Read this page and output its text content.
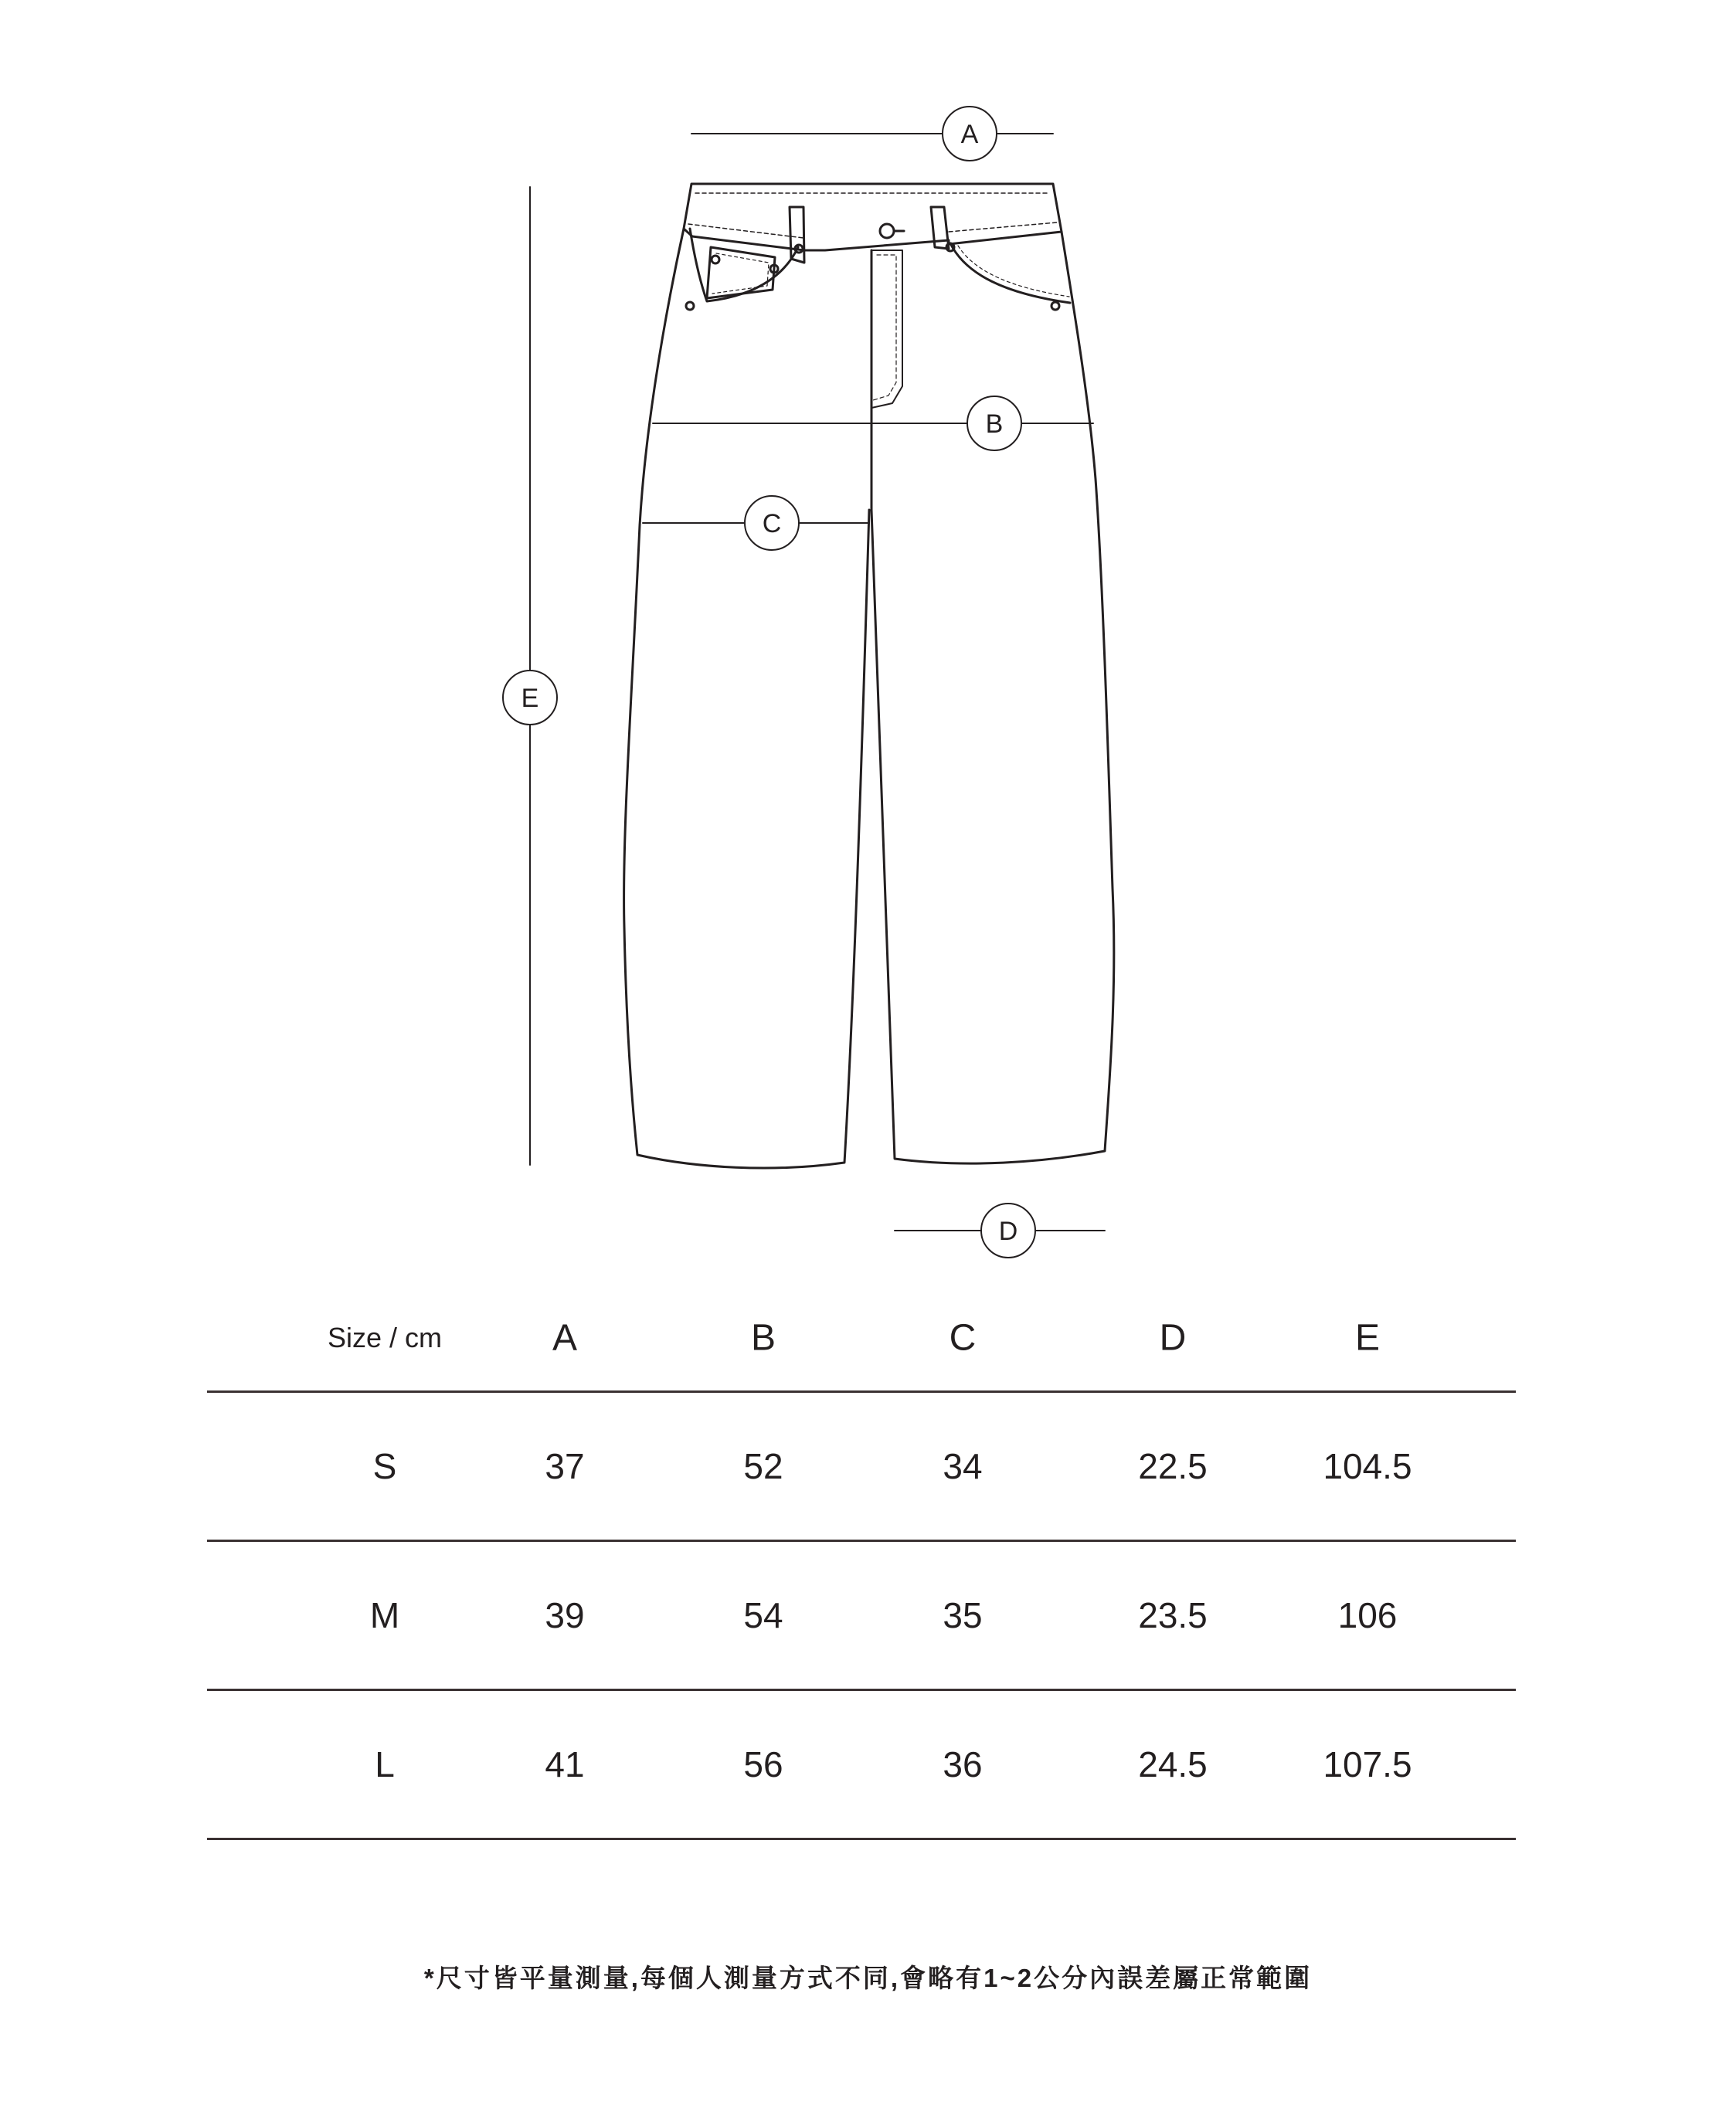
A
B
C
D
E
Size / cm	A	B	C	D	E
S	37	52	34	22.5	104.5
M	39	54	35	23.5	106
L	41	56	36	24.5	107.5
*尺寸皆平量測量,每個人測量方式不同,會略有1~2公分內誤差屬正常範圍
